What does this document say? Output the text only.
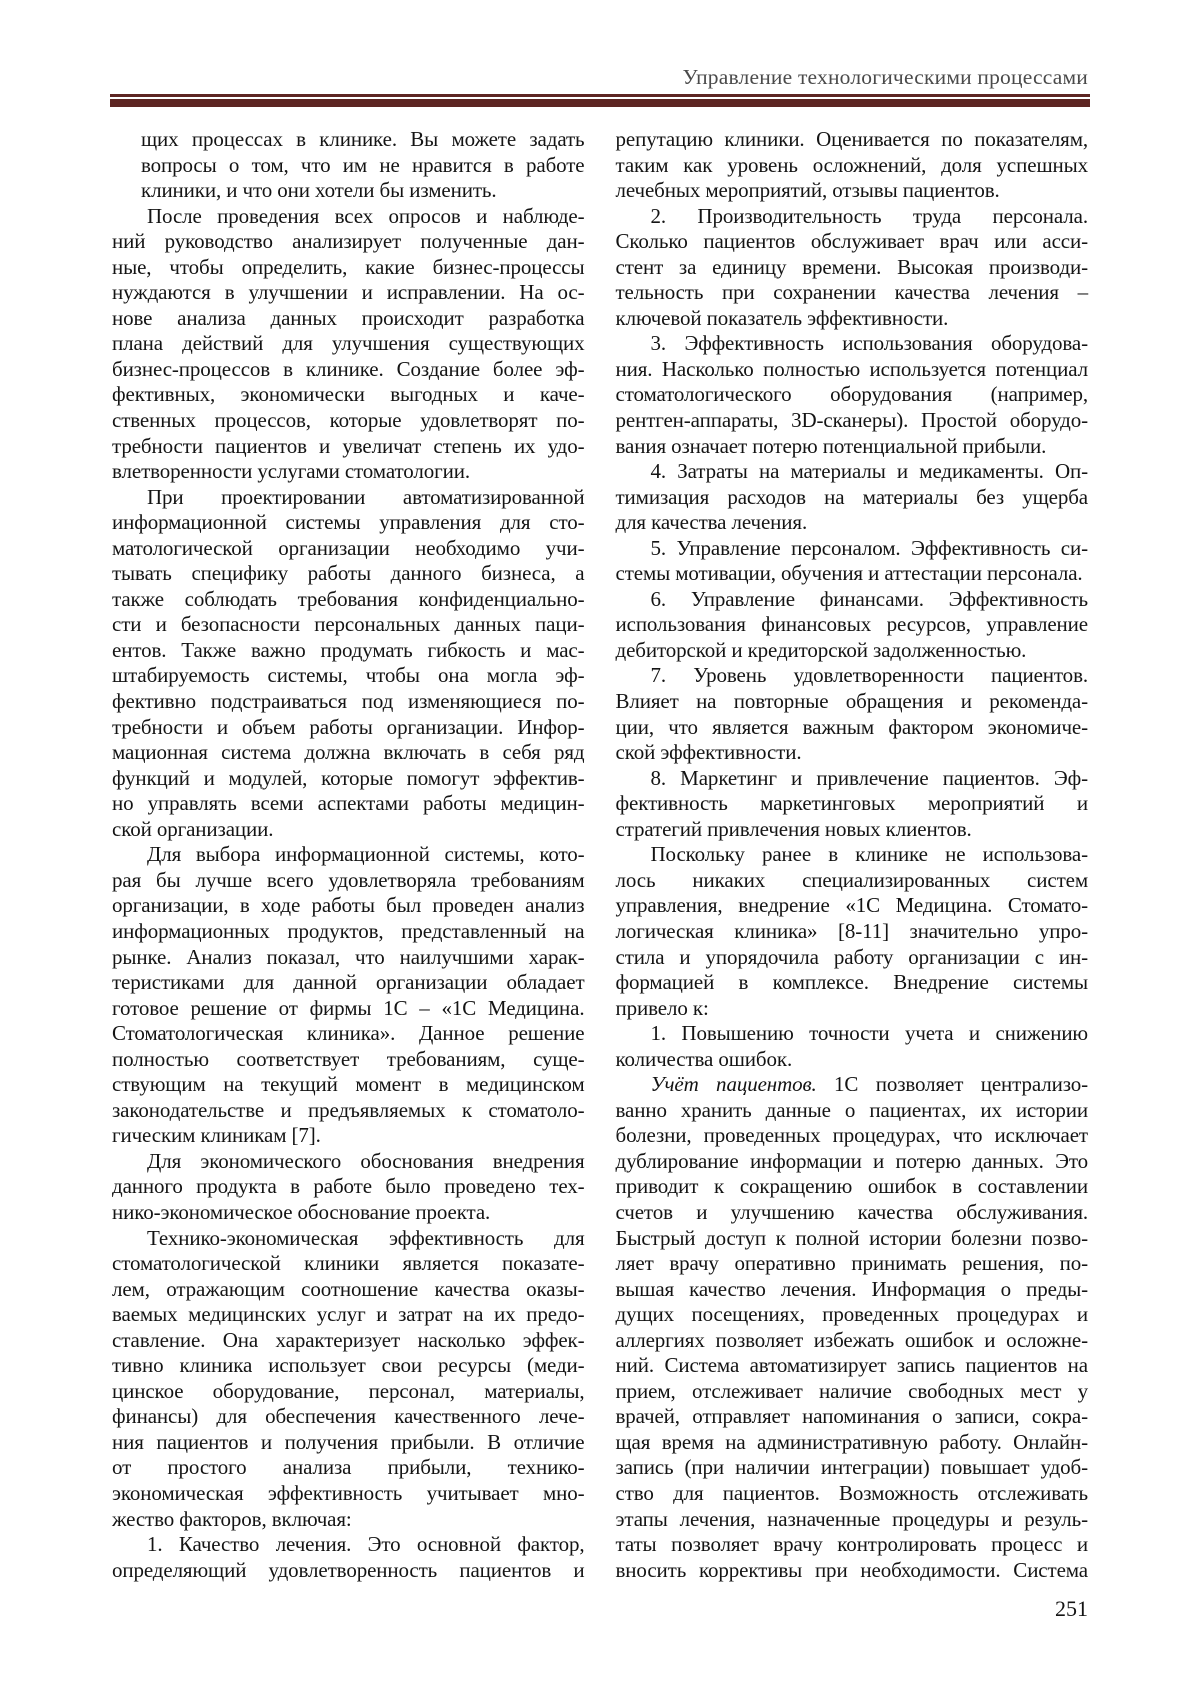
Управление технологическими процессами
щих процессах в клинике. Вы можете задать
вопросы о том, что им не нравится в работе
клиники, и что они хотели бы изменить.
После проведения всех опросов и наблюде-
ний руководство анализирует полученные дан-
ные, чтобы определить, какие бизнес-процессы
нуждаются в улучшении и исправлении. На ос-
нове анализа данных происходит разработка
плана действий для улучшения существующих
бизнес-процессов в клинике. Создание более эф-
фективных, экономически выгодных и каче-
ственных процессов, которые удовлетворят по-
требности пациентов и увеличат степень их удо-
влетворенности услугами стоматологии.
При проектировании автоматизированной
информационной системы управления для сто-
матологической организации необходимо учи-
тывать специфику работы данного бизнеса, а
также соблюдать требования конфиденциально-
сти и безопасности персональных данных паци-
ентов. Также важно продумать гибкость и мас-
штабируемость системы, чтобы она могла эф-
фективно подстраиваться под изменяющиеся по-
требности и объем работы организации. Инфор-
мационная система должна включать в себя ряд
функций и модулей, которые помогут эффектив-
но управлять всеми аспектами работы медицин-
ской организации.
Для выбора информационной системы, кото-
рая бы лучше всего удовлетворяла требованиям
организации, в ходе работы был проведен анализ
информационных продуктов, представленный на
рынке. Анализ показал, что наилучшими харак-
теристиками для данной организации обладает
готовое решение от фирмы 1С – «1С Медицина.
Стоматологическая клиника». Данное решение
полностью соответствует требованиям, суще-
ствующим на текущий момент в медицинском
законодательстве и предъявляемых к стоматоло-
гическим клиникам [7].
Для экономического обоснования внедрения
данного продукта в работе было проведено тех-
нико-экономическое обоснование проекта.
Технико-экономическая эффективность для
стоматологической клиники является показате-
лем, отражающим соотношение качества оказы-
ваемых медицинских услуг и затрат на их предо-
ставление. Она характеризует насколько эффек-
тивно клиника использует свои ресурсы (меди-
цинское оборудование, персонал, материалы,
финансы) для обеспечения качественного лече-
ния пациентов и получения прибыли. В отличие
от простого анализа прибыли, технико-
экономическая эффективность учитывает мно-
жество факторов, включая:
1. Качество лечения. Это основной фактор,
определяющий удовлетворенность пациентов и
репутацию клиники. Оценивается по показателям,
таким как уровень осложнений, доля успешных
лечебных мероприятий, отзывы пациентов.
2. Производительность труда персонала.
Сколько пациентов обслуживает врач или асси-
стент за единицу времени. Высокая производи-
тельность при сохранении качества лечения –
ключевой показатель эффективности.
3. Эффективность использования оборудова-
ния. Насколько полностью используется потенциал
стоматологического оборудования (например,
рентген-аппараты, 3D-сканеры). Простой оборудо-
вания означает потерю потенциальной прибыли.
4. Затраты на материалы и медикаменты. Оп-
тимизация расходов на материалы без ущерба
для качества лечения.
5. Управление персоналом. Эффективность си-
стемы мотивации, обучения и аттестации персонала.
6. Управление финансами. Эффективность
использования финансовых ресурсов, управление
дебиторской и кредиторской задолженностью.
7. Уровень удовлетворенности пациентов.
Влияет на повторные обращения и рекоменда-
ции, что является важным фактором экономиче-
ской эффективности.
8. Маркетинг и привлечение пациентов. Эф-
фективность маркетинговых мероприятий и
стратегий привлечения новых клиентов.
Поскольку ранее в клинике не использова-
лось никаких специализированных систем
управления, внедрение «1С Медицина. Стомато-
логическая клиника» [8-11] значительно упро-
стила и упорядочила работу организации с ин-
формацией в комплексе. Внедрение системы
привело к:
1. Повышению точности учета и снижению
количества ошибок.
Учёт пациентов. 1С позволяет централизо-
ванно хранить данные о пациентах, их истории
болезни, проведенных процедурах, что исключает
дублирование информации и потерю данных. Это
приводит к сокращению ошибок в составлении
счетов и улучшению качества обслуживания.
Быстрый доступ к полной истории болезни позво-
ляет врачу оперативно принимать решения, по-
вышая качество лечения. Информация о преды-
дущих посещениях, проведенных процедурах и
аллергиях позволяет избежать ошибок и осложне-
ний. Система автоматизирует запись пациентов на
прием, отслеживает наличие свободных мест у
врачей, отправляет напоминания о записи, сокра-
щая время на административную работу. Онлайн-
запись (при наличии интеграции) повышает удоб-
ство для пациентов. Возможность отслеживать
этапы лечения, назначенные процедуры и резуль-
таты позволяет врачу контролировать процесс и
вносить коррективы при необходимости. Система
251
